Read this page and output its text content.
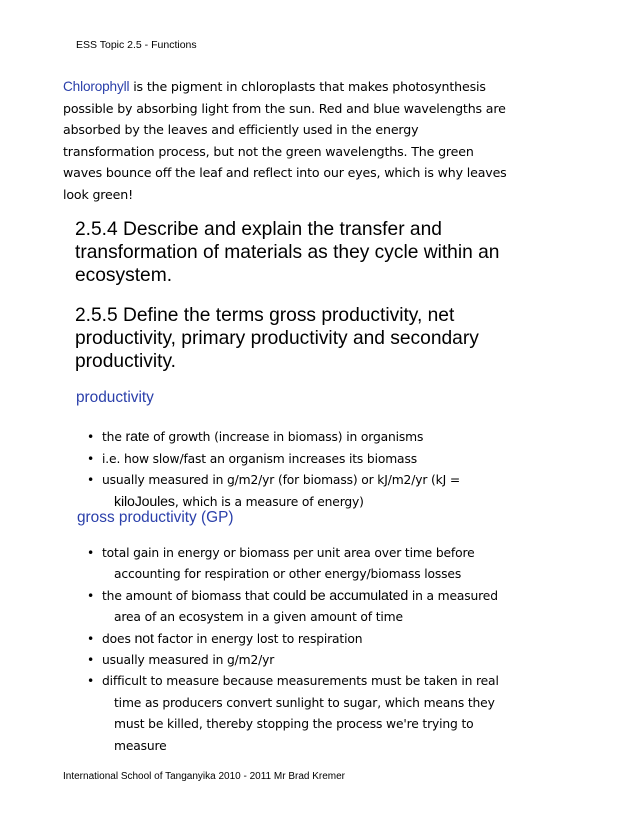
ESS Topic 2.5 - Functions
Chlorophyll is the pigment in chloroplasts that makes photosynthesis
possible by absorbing light from the sun. Red and blue wavelengths are
absorbed by the leaves and efficiently used in the energy
transformation process, but not the green wavelengths. The green
waves bounce off the leaf and reflect into our eyes, which is why leaves
look green!
2.5.4 Describe and explain the transfer and
transformation of materials as they cycle within an
ecosystem.
2.5.5 Define the terms gross productivity, net
productivity, primary productivity and secondary
productivity.
productivity
• the rate of growth (increase in biomass) in organisms
• i.e. how slow/fast an organism increases its biomass
• usually measured in g/m2/yr (for biomass) or kJ/m2/yr (kJ =
kiloJoules, which is a measure of energy)
gross productivity (GP)
• total gain in energy or biomass per unit area over time before
accounting for respiration or other energy/biomass losses
• the amount of biomass that could be accumulated in a measured
area of an ecosystem in a given amount of time
• does not factor in energy lost to respiration
• usually measured in g/m2/yr
• difficult to measure because measurements must be taken in real
time as producers convert sunlight to sugar, which means they
must be killed, thereby stopping the process we're trying to
measure
International School of Tanganyika 2010 - 2011 Mr Brad Kremer
